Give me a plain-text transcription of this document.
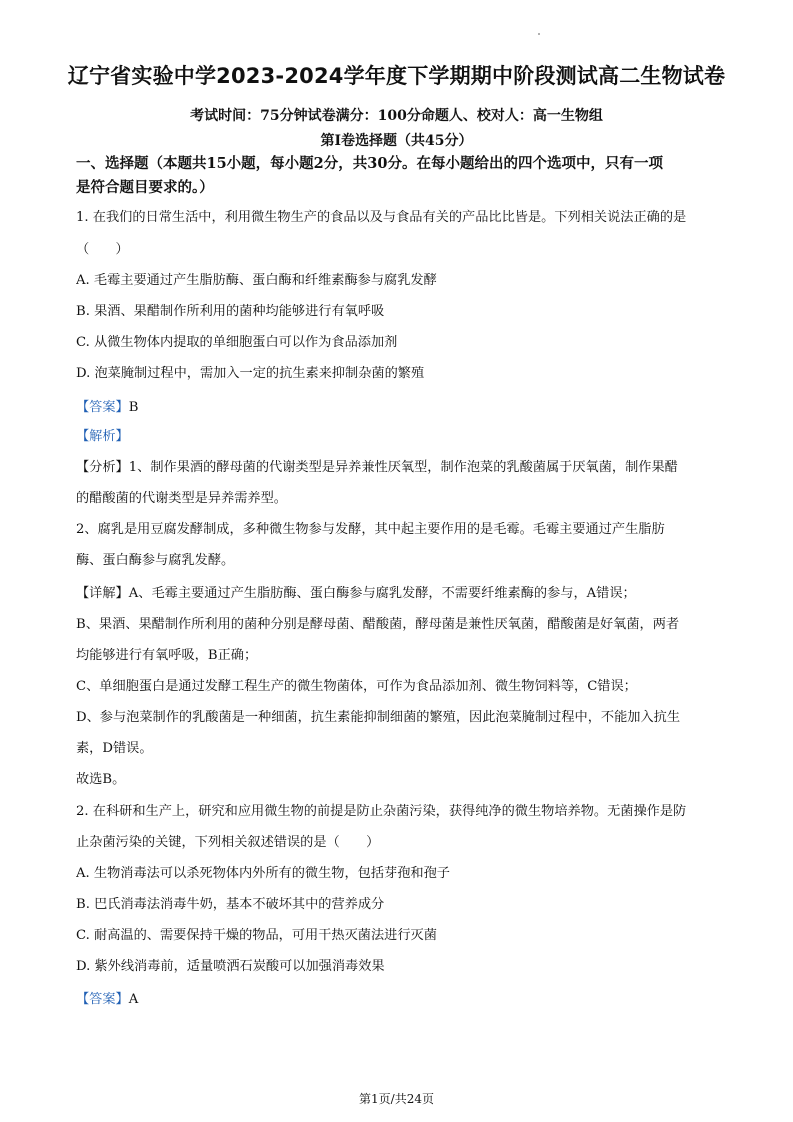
辽宁省实验中学2023-2024学年度下学期期中阶段测试高二生物试卷
考试时间：75分钟试卷满分：100分命题人、校对人：高一生物组
第I卷选择题（共45分）
一、选择题（本题共15小题，每小题2分，共30分。在每小题给出的四个选项中，只有一项
是符合题目要求的。）
1. 在我们的日常生活中，利用微生物生产的食品以及与食品有关的产品比比皆是。下列相关说法正确的是
（　　）
A. 毛霉主要通过产生脂肪酶、蛋白酶和纤维素酶参与腐乳发酵
B. 果酒、果醋制作所利用的菌种均能够进行有氧呼吸
C. 从微生物体内提取的单细胞蛋白可以作为食品添加剂
D. 泡菜腌制过程中，需加入一定的抗生素来抑制杂菌的繁殖
【答案】B
【解析】
【分析】1、制作果酒的酵母菌的代谢类型是异养兼性厌氧型，制作泡菜的乳酸菌属于厌氧菌，制作果醋
的醋酸菌的代谢类型是异养需养型。
2、腐乳是用豆腐发酵制成，多种微生物参与发酵，其中起主要作用的是毛霉。毛霉主要通过产生脂肪
酶、蛋白酶参与腐乳发酵。
【详解】A、毛霉主要通过产生脂肪酶、蛋白酶参与腐乳发酵，不需要纤维素酶的参与，A错误；
B、果酒、果醋制作所利用的菌种分别是酵母菌、醋酸菌，酵母菌是兼性厌氧菌，醋酸菌是好氧菌，两者
均能够进行有氧呼吸，B正确；
C、单细胞蛋白是通过发酵工程生产的微生物菌体，可作为食品添加剂、微生物饲料等，C错误；
D、参与泡菜制作的乳酸菌是一种细菌，抗生素能抑制细菌的繁殖，因此泡菜腌制过程中，不能加入抗生
素，D错误。
故选B。
2. 在科研和生产上，研究和应用微生物的前提是防止杂菌污染，获得纯净的微生物培养物。无菌操作是防
止杂菌污染的关键，下列相关叙述错误的是（　　）
A. 生物消毒法可以杀死物体内外所有的微生物，包括芽孢和孢子
B. 巴氏消毒法消毒牛奶，基本不破坏其中的营养成分
C. 耐高温的、需要保持干燥的物品，可用干热灭菌法进行灭菌
D. 紫外线消毒前，适量喷洒石炭酸可以加强消毒效果
【答案】A
第1页/共24页
